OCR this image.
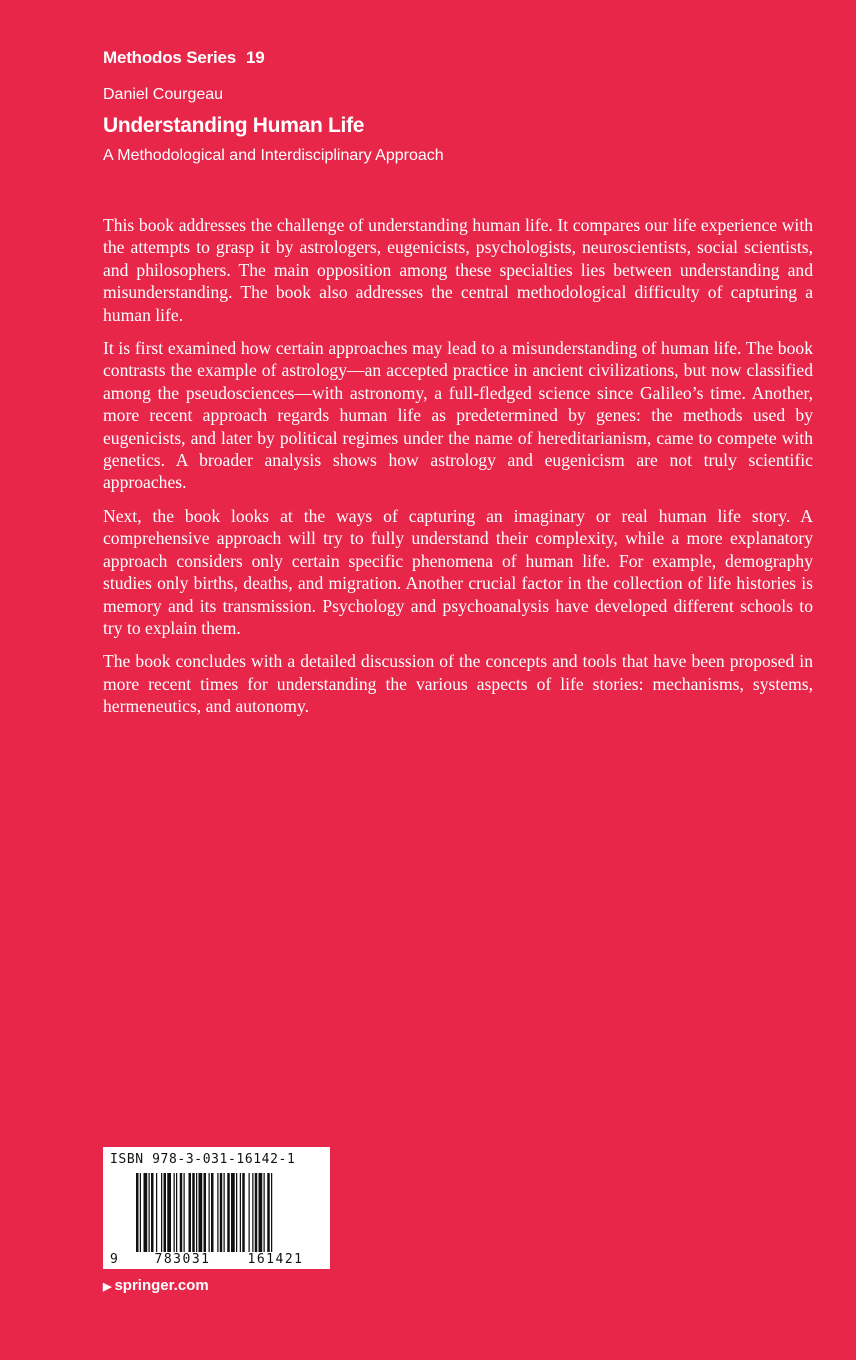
Methodos Series 19
Daniel Courgeau
Understanding Human Life
A Methodological and Interdisciplinary Approach

This book addresses the challenge of understanding human life. It compares our life experience with the attempts to grasp it by astrologers, eugenicists, psychologists, neuroscientists, social scientists, and philosophers. The main opposition among these specialties lies between understanding and misunderstanding. The book also addresses the central methodological difficulty of capturing a human life.

It is first examined how certain approaches may lead to a misunderstanding of human life. The book contrasts the example of astrology—an accepted practice in ancient civilizations, but now classified among the pseudosciences—with astronomy, a full-fledged science since Galileo’s time. Another, more recent approach regards human life as predetermined by genes: the methods used by eugenicists, and later by political regimes under the name of hereditarianism, came to compete with genetics. A broader analysis shows how astrology and eugenicism are not truly scientific approaches.

Next, the book looks at the ways of capturing an imaginary or real human life story. A comprehensive approach will try to fully understand their complexity, while a more explanatory approach considers only certain specific phenomena of human life. For example, demography studies only births, deaths, and migration. Another crucial factor in the collection of life histories is memory and its transmission. Psychology and psychoanalysis have developed different schools to try to explain them.

The book concludes with a detailed discussion of the concepts and tools that have been proposed in more recent times for understanding the various aspects of life stories: mechanisms, systems, hermeneutics, and autonomy.

ISBN 978-3-031-16142-1
9	783031	161421
▶ springer.com
